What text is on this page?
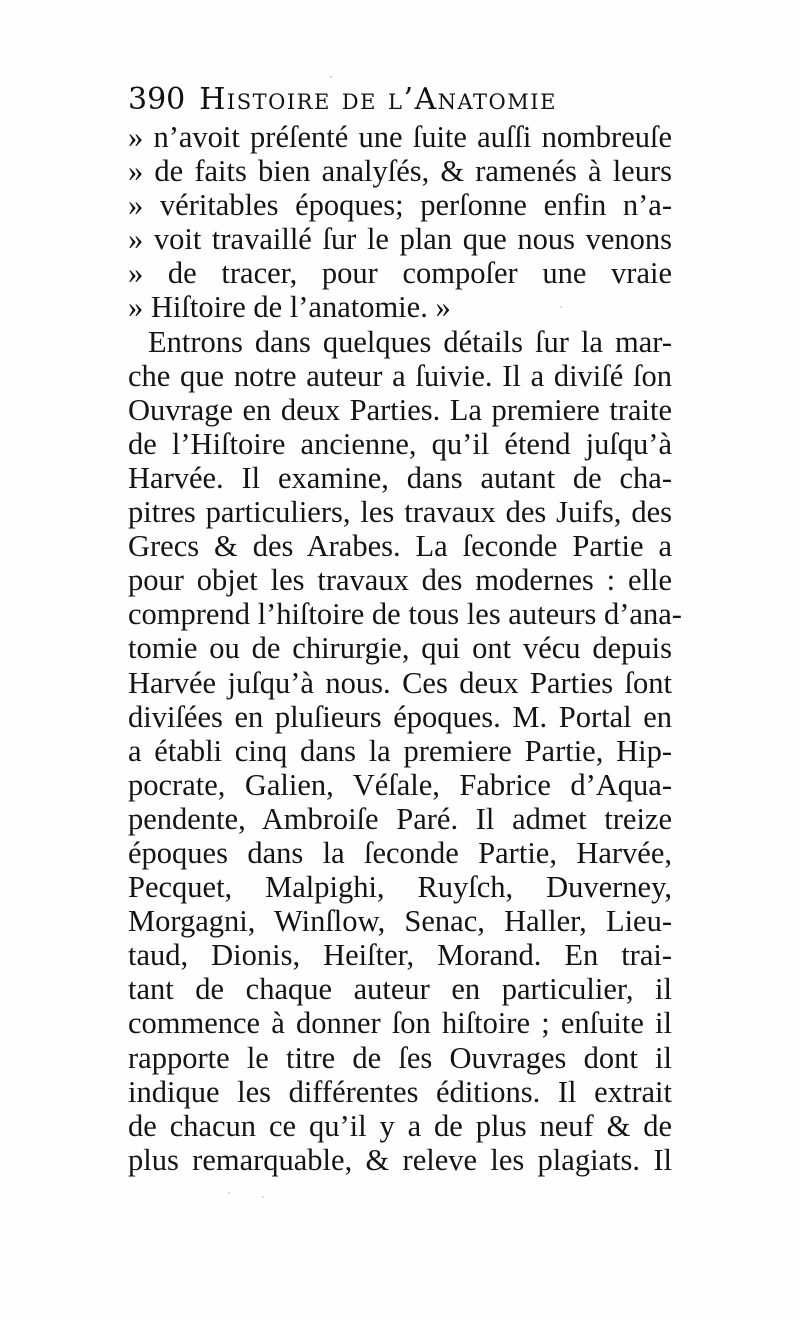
390 Histoire de l’Anatomie
» n’avoit préſenté une ſuite auſſi nombreuſe
» de faits bien analyſés, & ramenés à leurs
» véritables époques; perſonne enfin n’a-
» voit travaillé ſur le plan que nous venons
» de tracer, pour compoſer une vraie
» Hiſtoire de l’anatomie. »
Entrons dans quelques détails ſur la mar-
che que notre auteur a ſuivie. Il a diviſé ſon
Ouvrage en deux Parties. La premiere traite
de l’Hiſtoire ancienne, qu’il étend juſqu’à
Harvée. Il examine, dans autant de cha-
pitres particuliers, les travaux des Juifs, des
Grecs & des Arabes. La ſeconde Partie a
pour objet les travaux des modernes : elle
comprend l’hiſtoire de tous les auteurs d’ana-
tomie ou de chirurgie, qui ont vécu depuis
Harvée juſqu’à nous. Ces deux Parties ſont
diviſées en pluſieurs époques. M. Portal en
a établi cinq dans la premiere Partie, Hip-
pocrate, Galien, Véſale, Fabrice d’Aqua-
pendente, Ambroiſe Paré. Il admet treize
époques dans la ſeconde Partie, Harvée,
Pecquet, Malpighi, Ruyſch, Duverney,
Morgagni, Winſlow, Senac, Haller, Lieu-
taud, Dionis, Heiſter, Morand. En trai-
tant de chaque auteur en particulier, il
commence à donner ſon hiſtoire ; enſuite il
rapporte le titre de ſes Ouvrages dont il
indique les différentes éditions. Il extrait
de chacun ce qu’il y a de plus neuf & de
plus remarquable, & releve les plagiats. Il
